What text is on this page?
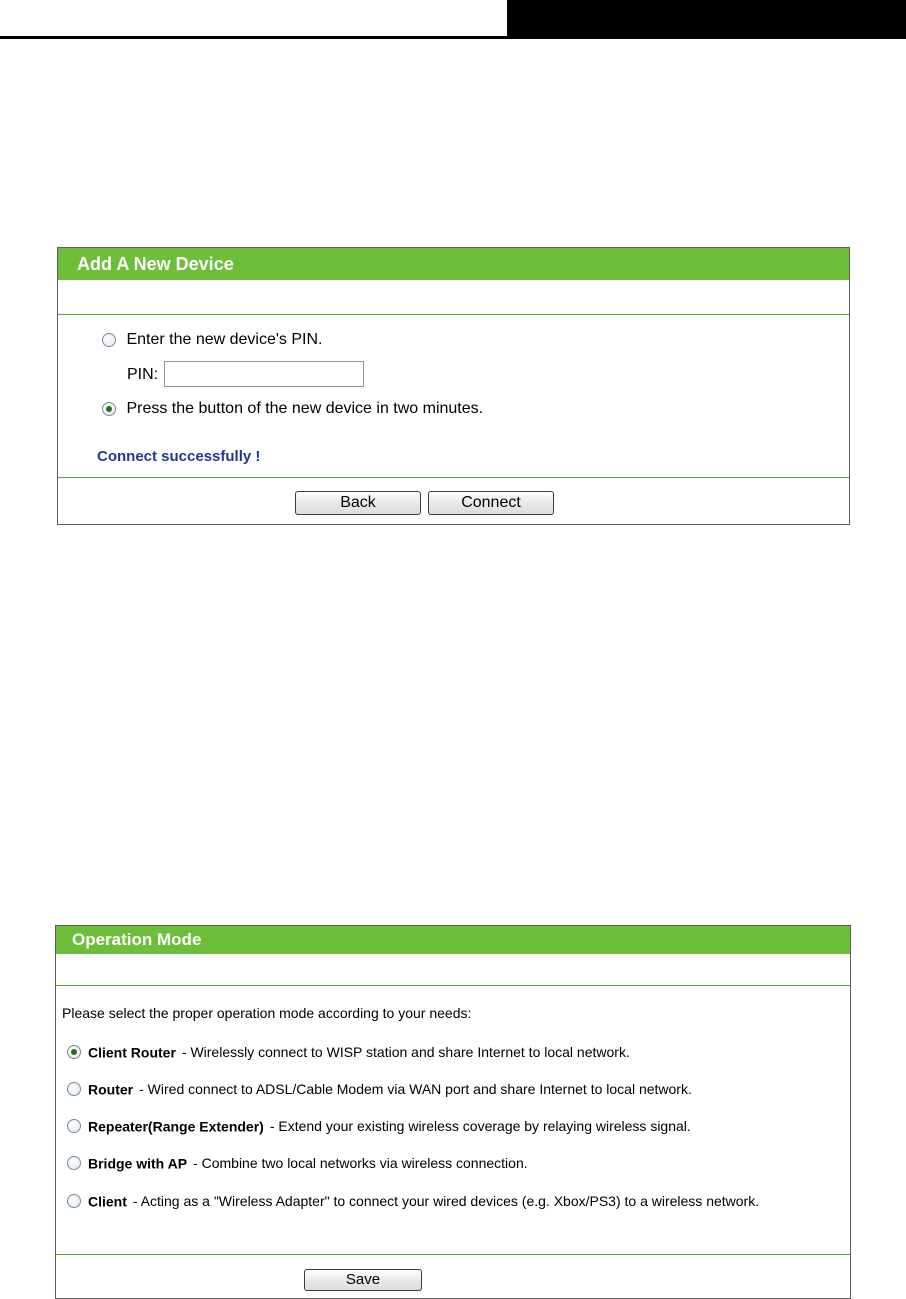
Add A New Device
Enter the new device's PIN.
PIN:
Press the button of the new device in two minutes.
Connect successfully !
Back	Connect
Operation Mode
Please select the proper operation mode according to your needs:
Client Router - Wirelessly connect to WISP station and share Internet to local network.
Router - Wired connect to ADSL/Cable Modem via WAN port and share Internet to local network.
Repeater(Range Extender) - Extend your existing wireless coverage by relaying wireless signal.
Bridge with AP - Combine two local networks via wireless connection.
Client - Acting as a "Wireless Adapter" to connect your wired devices (e.g. Xbox/PS3) to a wireless network.
Save
